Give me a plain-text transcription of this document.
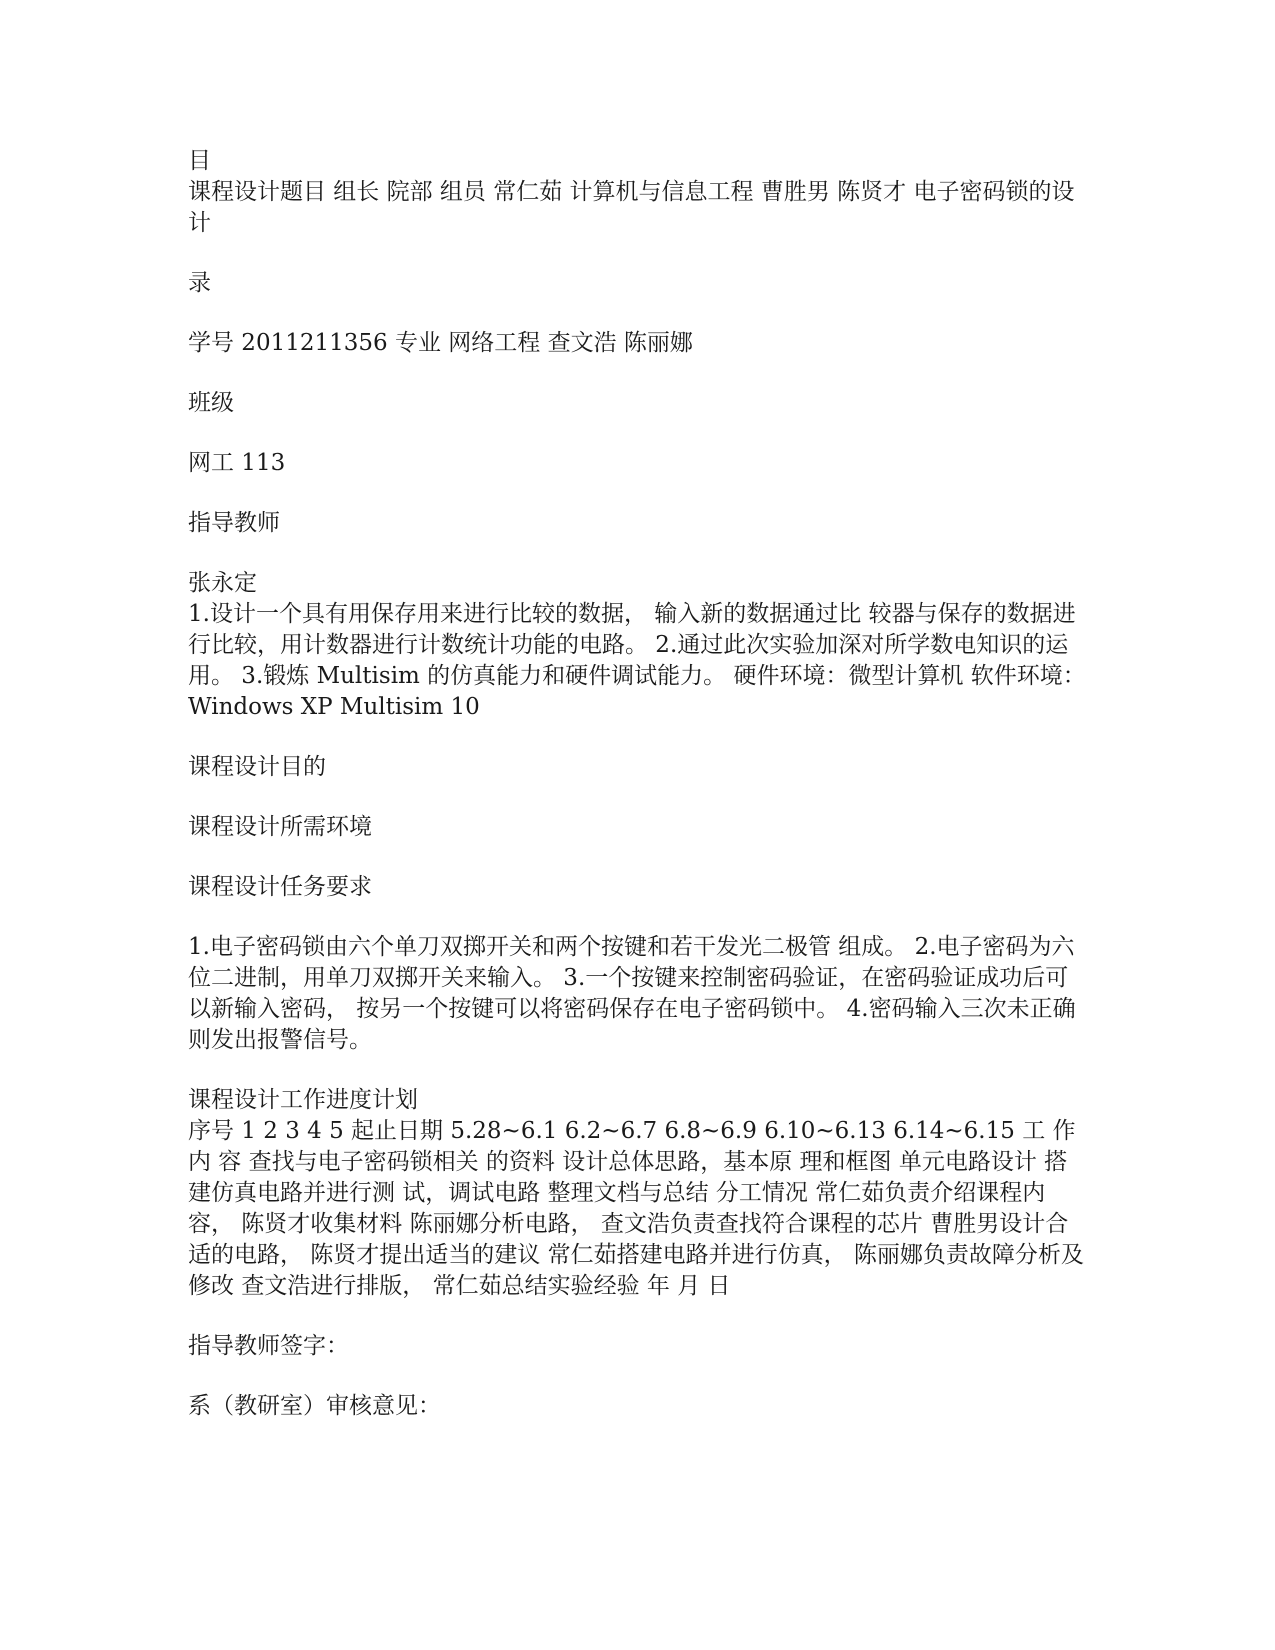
目

课程设计题目 组长 院部 组员 常仁茹 计算机与信息工程 曹胜男 陈贤才 电子密码锁的设计

录

学号 2011211356 专业 网络工程 查文浩 陈丽娜

班级

网工 113

指导教师

张永定

1.设计一个具有用保存用来进行比较的数据， 输入新的数据通过比 较器与保存的数据进行比较，用计数器进行计数统计功能的电路。 2.通过此次实验加深对所学数电知识的运用。 3.锻炼 Multisim 的仿真能力和硬件调试能力。 硬件环境：微型计算机 软件环境：Windows XP Multisim 10

课程设计目的

课程设计所需环境

课程设计任务要求

1.电子密码锁由六个单刀双掷开关和两个按键和若干发光二极管 组成。 2.电子密码为六位二进制，用单刀双掷开关来输入。 3.一个按键来控制密码验证，在密码验证成功后可以新输入密码， 按另一个按键可以将密码保存在电子密码锁中。 4.密码输入三次未正确则发出报警信号。

课程设计工作进度计划

序号 1 2 3 4 5 起止日期 5.28~6.1 6.2~6.7 6.8~6.9 6.10~6.13 6.14~6.15 工 作 内 容 查找与电子密码锁相关 的资料 设计总体思路，基本原 理和框图 单元电路设计 搭建仿真电路并进行测 试，调试电路 整理文档与总结 分工情况 常仁茹负责介绍课程内容， 陈贤才收集材料 陈丽娜分析电路， 查文浩负责查找符合课程的芯片 曹胜男设计合适的电路， 陈贤才提出适当的建议 常仁茹搭建电路并进行仿真， 陈丽娜负责故障分析及修改 查文浩进行排版， 常仁茹总结实验经验 年 月 日

指导教师签字：

系（教研室）审核意见：
